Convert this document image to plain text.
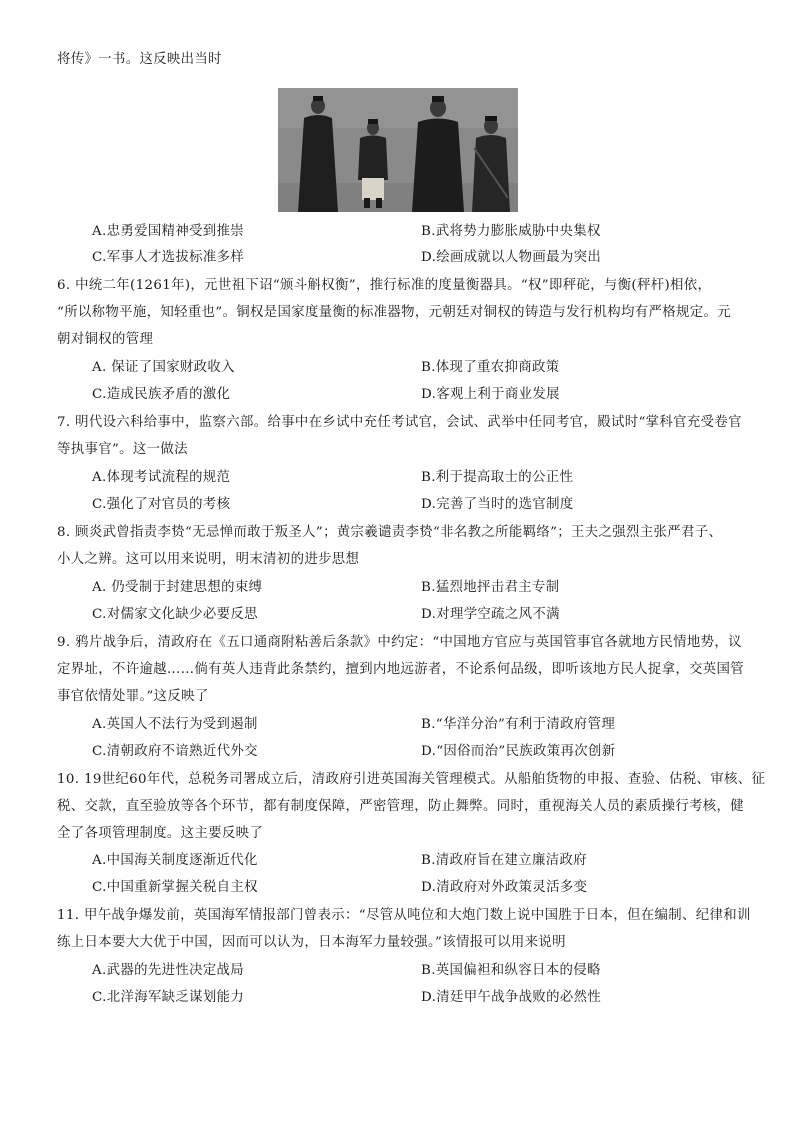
将传》一书。这反映出当时
A.忠勇爱国精神受到推崇	B.武将势力膨胀威胁中央集权
C.军事人才选拔标准多样	D.绘画成就以人物画最为突出
6. 中统二年(1261年)，元世祖下诏“颁斗斛权衡”，推行标准的度量衡器具。“权”即秤砣，与衡(秤杆)相依，
“所以称物平施，知轻重也”。铜权是国家度量衡的标准器物，元朝廷对铜权的铸造与发行机构均有严格规定。元
朝对铜权的管理
A. 保证了国家财政收入	B.体现了重农抑商政策
C.造成民族矛盾的激化	D.客观上利于商业发展
7. 明代设六科给事中，监察六部。给事中在乡试中充任考试官，会试、武举中任同考官，殿试时“掌科官充受卷官
等执事官”。这一做法
A.体现考试流程的规范	B.利于提高取士的公正性
C.强化了对官员的考核	D.完善了当时的选官制度
8. 顾炎武曾指责李贽“无忌惮而敢于叛圣人”；黄宗羲谴责李贽“非名教之所能羁络”；王夫之强烈主张严君子、
小人之辨。这可以用来说明，明末清初的进步思想
A. 仍受制于封建思想的束缚	B.猛烈地抨击君主专制
C.对儒家文化缺少必要反思	D.对理学空疏之风不满
9. 鸦片战争后，清政府在《五口通商附粘善后条款》中约定：“中国地方官应与英国管事官各就地方民情地势，议
定界址，不许逾越……倘有英人违背此条禁约，擅到内地远游者，不论系何品级，即听该地方民人捉拿，交英国管
事官依情处罪。”这反映了
A.英国人不法行为受到遏制	B.“华洋分治”有利于清政府管理
C.清朝政府不谙熟近代外交	D.“因俗而治”民族政策再次创新
10. 19世纪60年代，总税务司署成立后，清政府引进英国海关管理模式。从船舶货物的申报、查验、估税、审核、征
税、交款，直至验放等各个环节，都有制度保障，严密管理，防止舞弊。同时，重视海关人员的素质操行考核，健
全了各项管理制度。这主要反映了
A.中国海关制度逐渐近代化	B.清政府旨在建立廉洁政府
C.中国重新掌握关税自主权	D.清政府对外政策灵活多变
11. 甲午战争爆发前，英国海军情报部门曾表示：“尽管从吨位和大炮门数上说中国胜于日本，但在编制、纪律和训
练上日本要大大优于中国，因而可以认为，日本海军力量较强。”该情报可以用来说明
A.武器的先进性决定战局	B.英国偏袒和纵容日本的侵略
C.北洋海军缺乏谋划能力	D.清廷甲午战争战败的必然性
